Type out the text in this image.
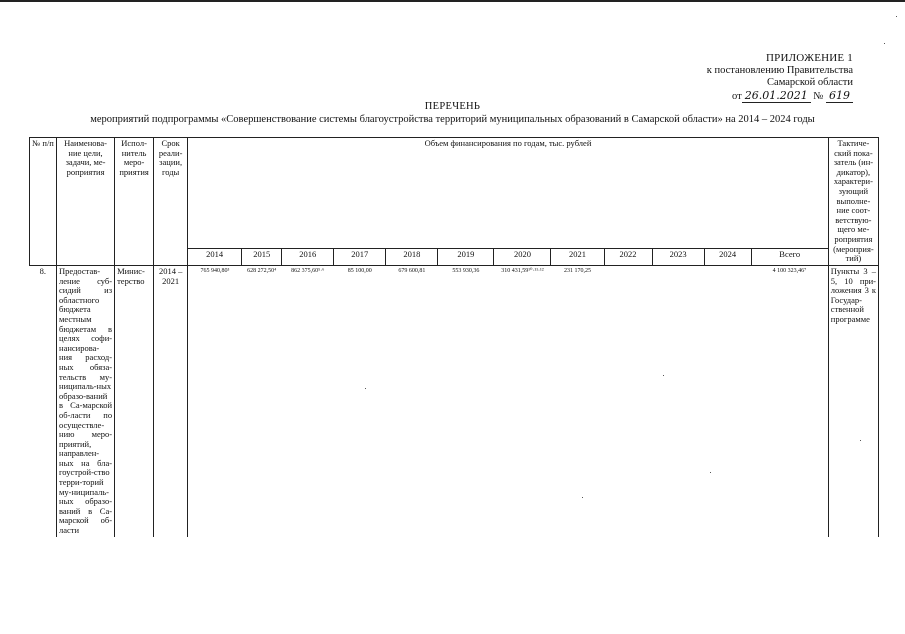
ПРИЛОЖЕНИЕ 1
к постановлению Правительства
Самарской области
от 26.01.2021 № 619
ПЕРЕЧЕНЬ
мероприятий подпрограммы «Совершенствование системы благоустройства территорий муниципальных образований в Самарской области» на 2014 – 2024 годы
№ п/п	Наименова-ние цели, задачи, ме-роприятия	Испол-нитель меро-приятия	Срок реали-зации, годы	Объем финансирования по годам, тыс. рублей												Тактиче-ский пока-затель (ин-дикатор), характери-зующий выполне-ние соот-ветствую-щего ме-роприятия (мероприя-тий)
				2014	2015	2016	2017	2018	2019	2020	2021	2022	2023	2024	Всего	
8.	Предостав-ление суб-сидий из областного бюджета местным бюджетам в целях софи-нансирова-ния расход-ных обяза-тельств му-ниципаль-ных образо-ваний в Са-марской об-ласти по осуществле-нию меро-приятий, направлен-ных на бла-гоустрой-ство терри-торий му-ниципаль-ных образо-ваний в Са-марской об-ласти	Минис-терство	2014 – 2021	765 940,80³	628 272,50⁴	862 375,60⁵·⁶	85 100,00	679 600,81	553 930,36	310 431,59¹⁰·¹¹·¹²	231 170,25				4 100 323,46⁷	Пункты 3 – 5, 10 при-ложения 3 к Государ-ственной программе
